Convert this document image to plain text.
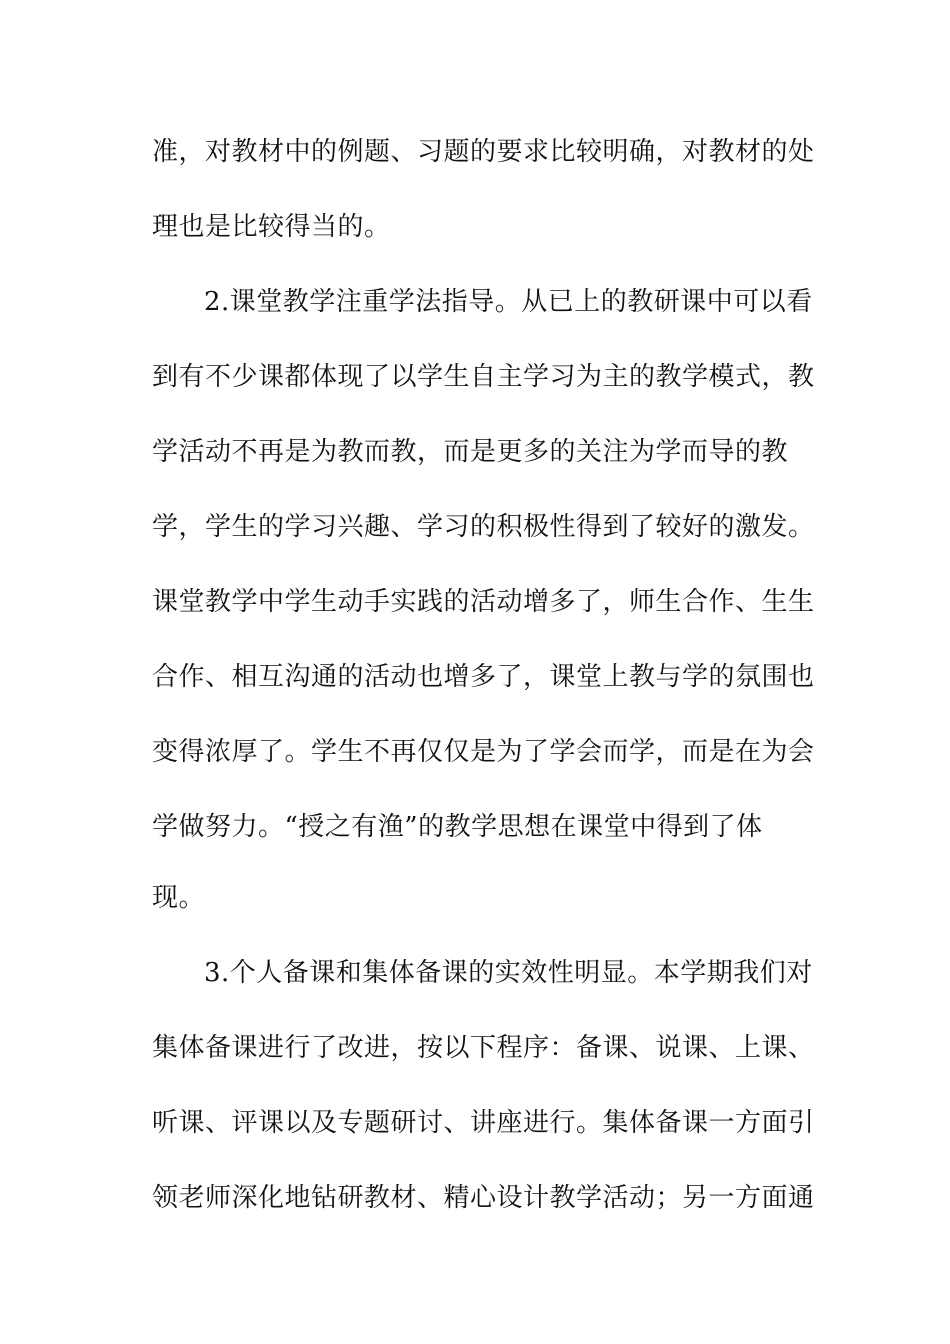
准，对教材中的例题、习题的要求比较明确，对教材的处

理也是比较得当的。

2.课堂教学注重学法指导。从已上的教研课中可以看

到有不少课都体现了以学生自主学习为主的教学模式，教

学活动不再是为教而教，而是更多的关注为学而导的教

学，学生的学习兴趣、学习的积极性得到了较好的激发。

课堂教学中学生动手实践的活动增多了，师生合作、生生

合作、相互沟通的活动也增多了，课堂上教与学的氛围也

变得浓厚了。学生不再仅仅是为了学会而学，而是在为会

学做努力。“授之有渔”的教学思想在课堂中得到了体

现。

3.个人备课和集体备课的实效性明显。本学期我们对

集体备课进行了改进，按以下程序：备课、说课、上课、

听课、评课以及专题研讨、讲座进行。集体备课一方面引

领老师深化地钻研教材、精心设计教学活动；另一方面通
